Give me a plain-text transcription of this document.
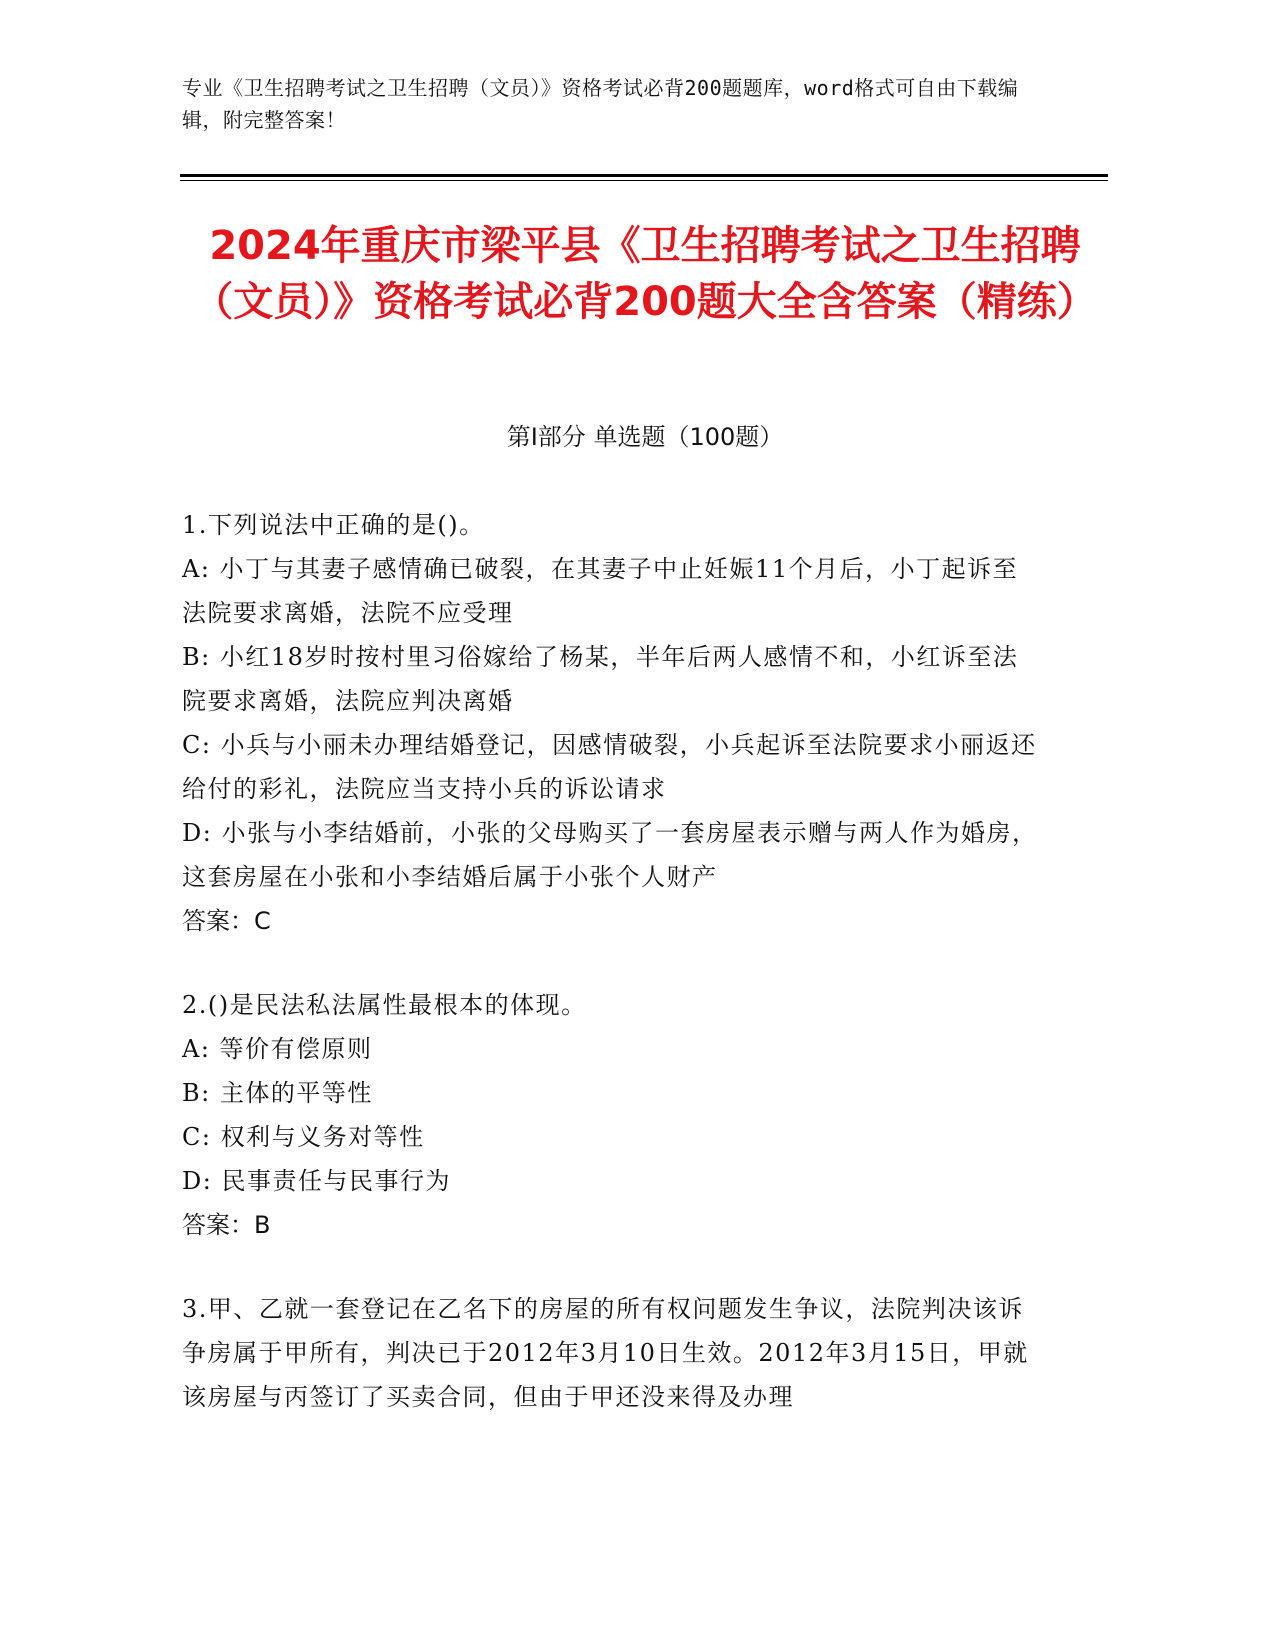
专业《卫生招聘考试之卫生招聘（文员）》资格考试必背200题题库，word格式可自由下载编辑，附完整答案！
2024年重庆市梁平县《卫生招聘考试之卫生招聘（文员）》资格考试必背200题大全含答案（精练）
第Ⅰ部分 单选题（100题）
1.下列说法中正确的是()。
A: 小丁与其妻子感情确已破裂，在其妻子中止妊娠11个月后，小丁起诉至法院要求离婚，法院不应受理
B: 小红18岁时按村里习俗嫁给了杨某，半年后两人感情不和，小红诉至法院要求离婚，法院应判决离婚
C: 小兵与小丽未办理结婚登记，因感情破裂，小兵起诉至法院要求小丽返还给付的彩礼，法院应当支持小兵的诉讼请求
D: 小张与小李结婚前，小张的父母购买了一套房屋表示赠与两人作为婚房，这套房屋在小张和小李结婚后属于小张个人财产
答案：C
2.()是民法私法属性最根本的体现。
A: 等价有偿原则
B: 主体的平等性
C: 权利与义务对等性
D: 民事责任与民事行为
答案：B
3.甲、乙就一套登记在乙名下的房屋的所有权问题发生争议，法院判决该诉争房属于甲所有，判决已于2012年3月10日生效。2012年3月15日，甲就该房屋与丙签订了买卖合同，但由于甲还没来得及办理
